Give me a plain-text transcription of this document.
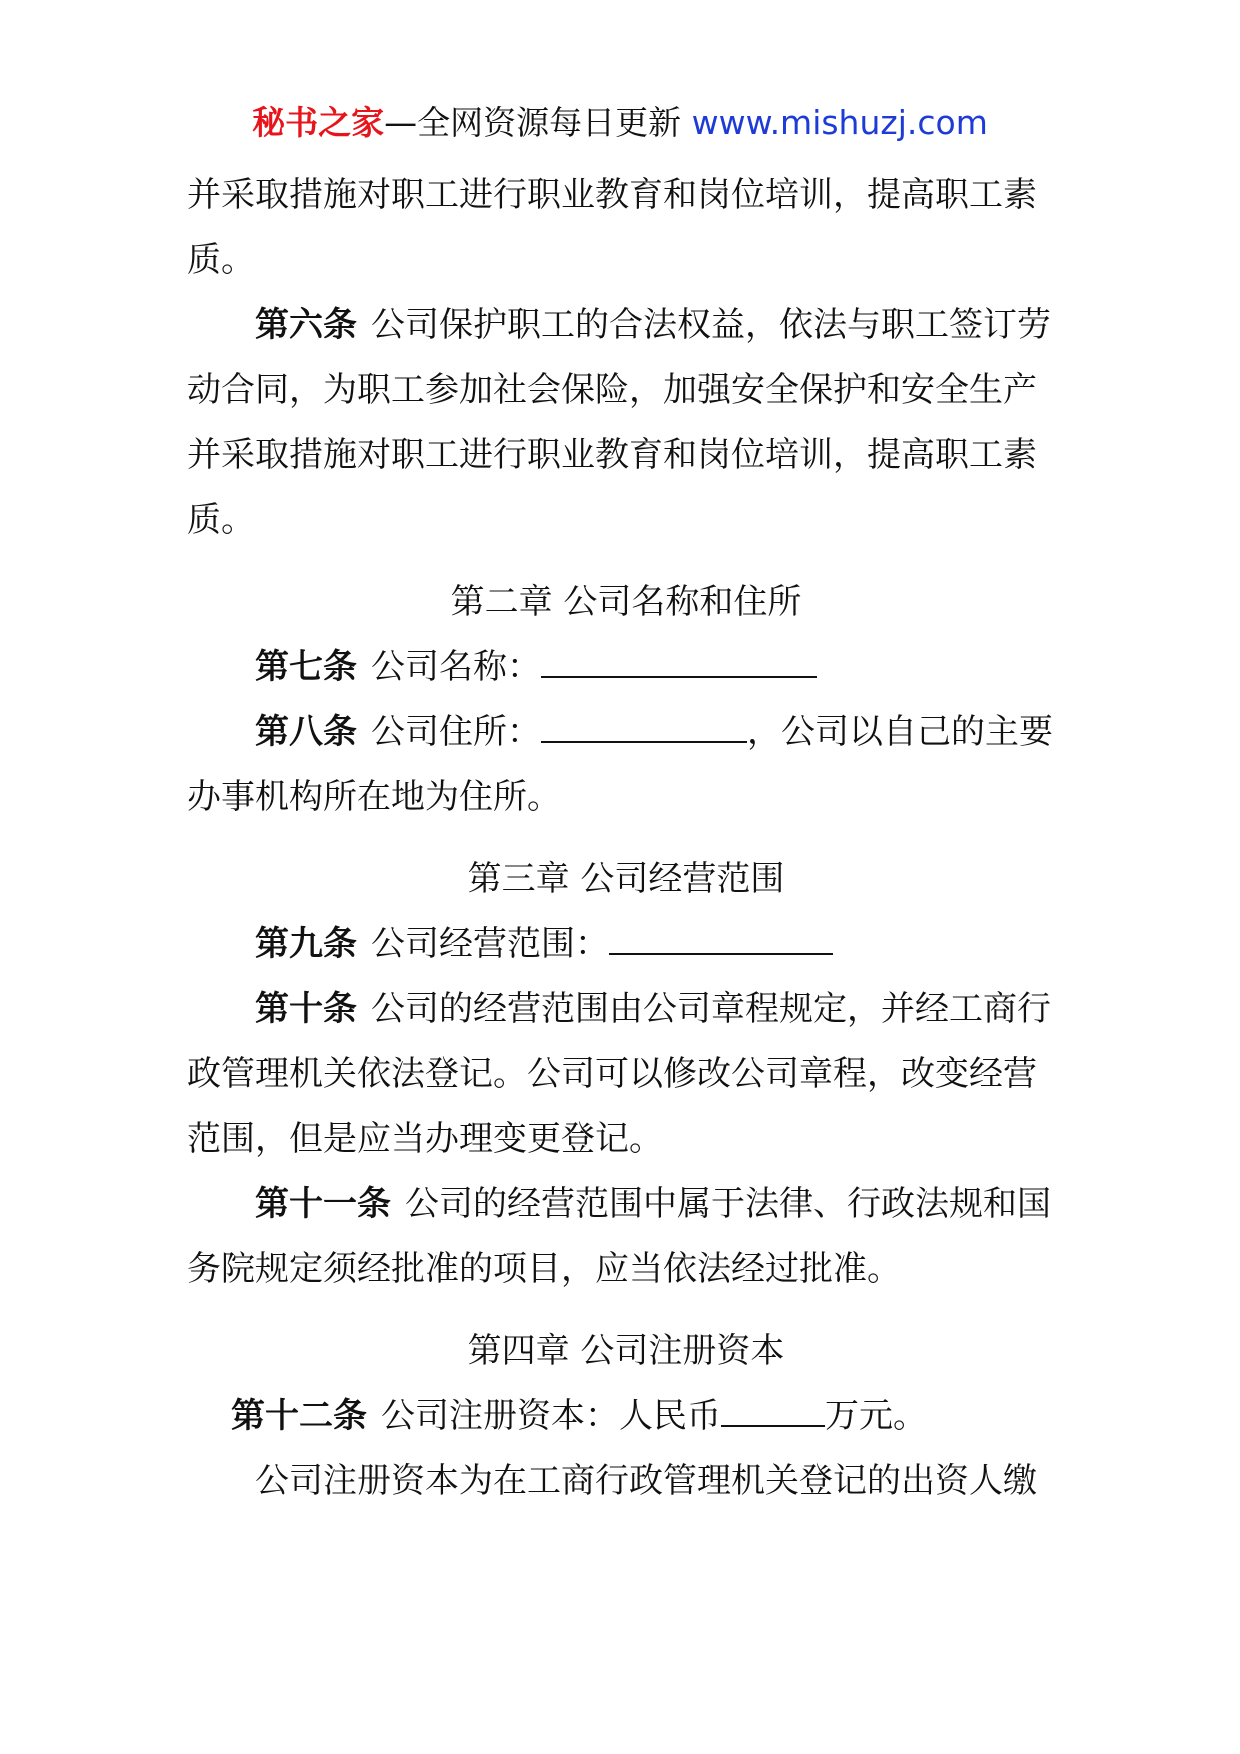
秘书之家—全网资源每日更新 www.mishuzj.com

并采取措施对职工进行职业教育和岗位培训，提高职工素质。

第六条 公司保护职工的合法权益，依法与职工签订劳动合同，为职工参加社会保险，加强安全保护和安全生产并采取措施对职工进行职业教育和岗位培训，提高职工素质。

第二章 公司名称和住所

第七条 公司名称：

第八条 公司住所：	，公司以自己的主要办事机构所在地为住所。

第三章 公司经营范围

第九条 公司经营范围：

第十条 公司的经营范围由公司章程规定，并经工商行政管理机关依法登记。公司可以修改公司章程，改变经营范围，但是应当办理变更登记。

第十一条 公司的经营范围中属于法律、行政法规和国务院规定须经批准的项目，应当依法经过批准。

第四章 公司注册资本

第十二条 公司注册资本：人民币	万元。

公司注册资本为在工商行政管理机关登记的出资人缴
